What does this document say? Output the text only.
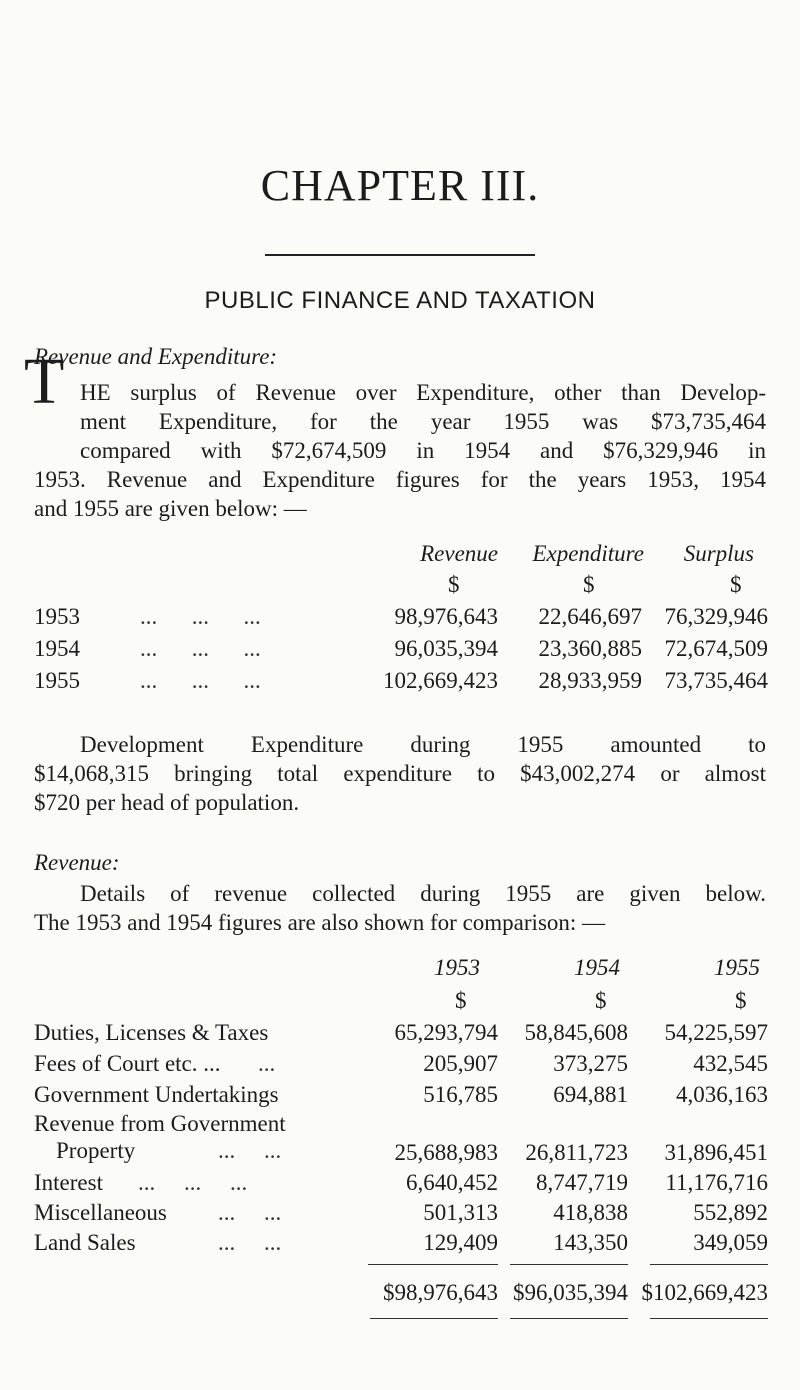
CHAPTER III.
PUBLIC FINANCE AND TAXATION
Revenue and Expenditure:
T HE surplus of Revenue over Expenditure, other than Develop-
ment Expenditure, for the year 1955 was $73,735,464
compared with $72,674,509 in 1954 and $76,329,946 in
1953. Revenue and Expenditure figures for the years 1953, 1954
and 1955 are given below: —
Revenue	Expenditure	Surplus
$	$	$
1953	...      ...      ...	98,976,643	22,646,697 76,329,946
1954	...      ...      ...	96,035,394	23,360,885 72,674,509
1955	...      ...      ...	102,669,423	28,933,959 73,735,464
Development Expenditure during 1955 amounted to
$14,068,315 bringing total expenditure to $43,002,274 or almost
$720 per head of population.
Revenue:
Details of revenue collected during 1955 are given below.
The 1953 and 1954 figures are also shown for comparison: —
1953	1954	1955
$	$	$
Duties, Licenses & Taxes	65,293,794	58,845,608	54,225,597
Fees of Court etc. ... ...	205,907	373,275	432,545
Government Undertakings	516,785	694,881	4,036,163
Revenue from Government
Property	...     ...	25,688,983	26,811,723	31,896,451
Interest ...     ...     ...	6,640,452	8,747,719	11,176,716
Miscellaneous ...     ...	501,313	418,838	552,892
Land Sales	...     ...	129,409	143,350	349,059
$98,976,643 $96,035,394 $102,669,423
